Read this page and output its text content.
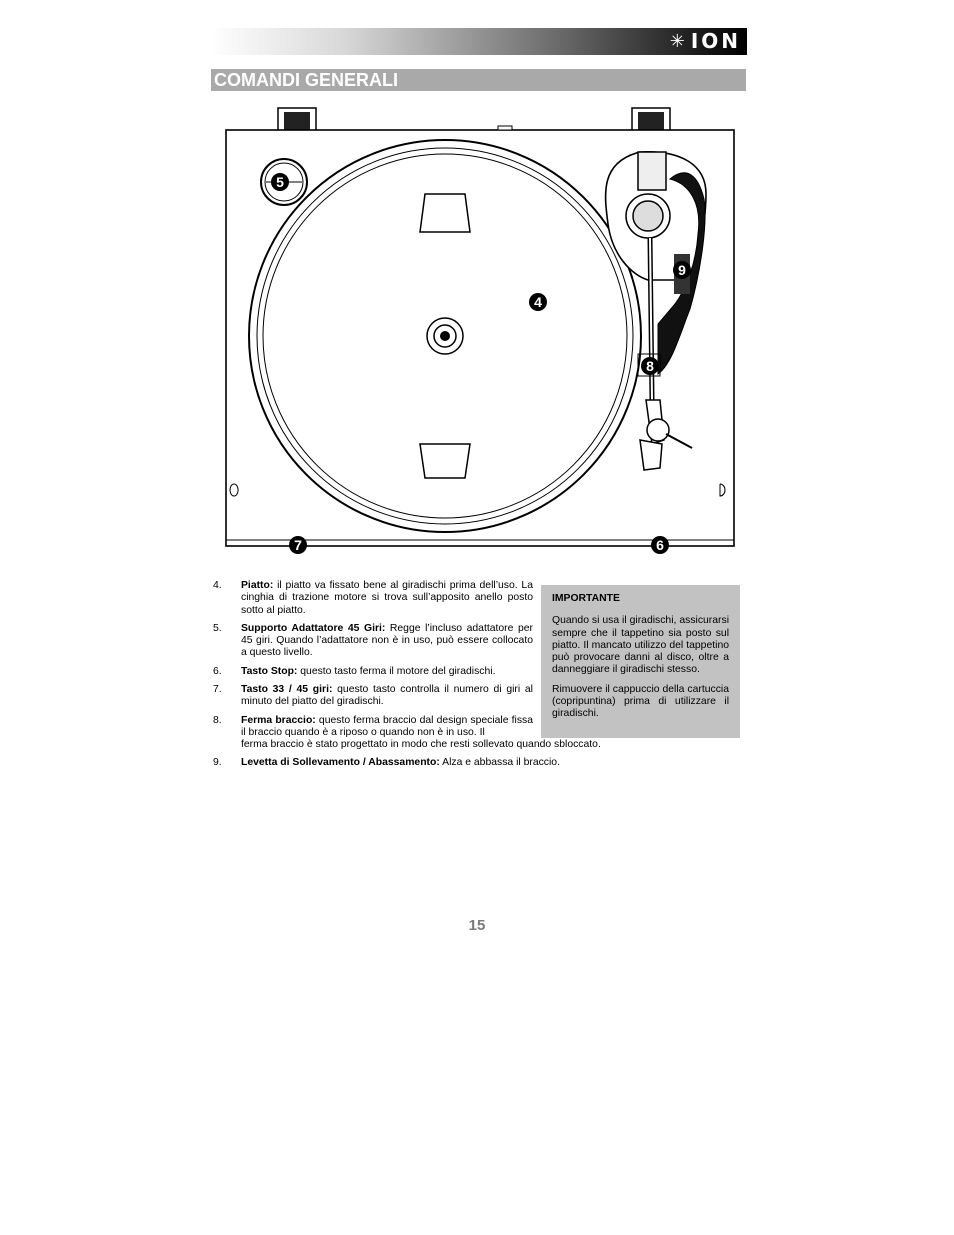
✳ ION
COMANDI GENERALI
5
4
9
8
7	6
4.	Piatto: il piatto va fissato bene al giradischi prima dell’uso. La cinghia di trazione motore si trova sull’apposito anello posto sotto al piatto.
5.	Supporto Adattatore 45 Giri: Regge l’incluso adattatore per 45 giri. Quando l’adattatore non è in uso, può essere collocato a questo livello.
6.	Tasto Stop: questo tasto ferma il motore del giradischi.
7.	Tasto 33 / 45 giri: questo tasto controlla il numero di giri al minuto del piatto del giradischi.
8.	Ferma braccio: questo ferma braccio dal design speciale fissa il braccio quando è a riposo o quando non è in uso. Il
ferma braccio è stato progettato in modo che resti sollevato quando sbloccato.
9.	Levetta di Sollevamento / Abassamento: Alza e abbassa il braccio.
IMPORTANTE

Quando si usa il giradischi, assicurarsi sempre che il tappetino sia posto sul piatto. Il mancato utilizzo del tappetino può provocare danni al disco, oltre a danneggiare il giradischi stesso.

Rimuovere il cappuccio della cartuccia (copripuntina) prima di utilizzare il giradischi.

15
